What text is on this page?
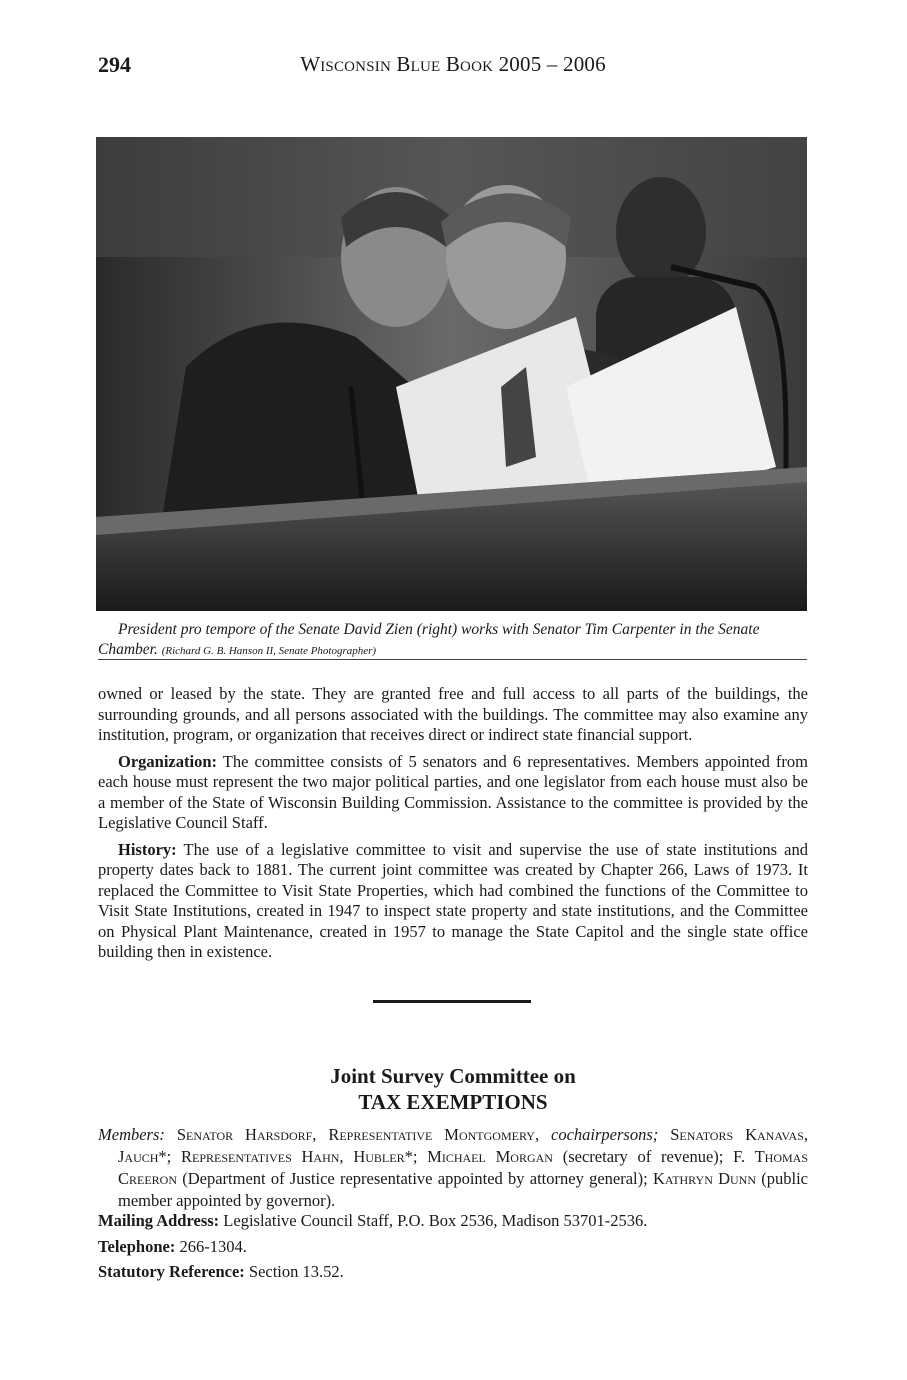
294	Wisconsin Blue Book 2005 – 2006
President pro tempore of the Senate David Zien (right) works with Senator Tim Carpenter in the Senate Chamber. (Richard G. B. Hanson II, Senate Photographer)

owned or leased by the state. They are granted free and full access to all parts of the buildings, the surrounding grounds, and all persons associated with the buildings. The committee may also examine any institution, program, or organization that receives direct or indirect state financial support.

Organization: The committee consists of 5 senators and 6 representatives. Members appointed from each house must represent the two major political parties, and one legislator from each house must also be a member of the State of Wisconsin Building Commission. Assistance to the committee is provided by the Legislative Council Staff.

History: The use of a legislative committee to visit and supervise the use of state institutions and property dates back to 1881. The current joint committee was created by Chapter 266, Laws of 1973. It replaced the Committee to Visit State Properties, which had combined the functions of the Committee to Visit State Institutions, created in 1947 to inspect state property and state institutions, and the Committee on Physical Plant Maintenance, created in 1957 to manage the State Capitol and the single state office building then in existence.

Joint Survey Committee on
TAX EXEMPTIONS
Members: Senator Harsdorf, Representative Montgomery, cochairpersons; Senators Kanavas, Jauch*; Representatives Hahn, Hubler*; Michael Morgan (secretary of revenue); F. Thomas Creeron (Department of Justice representative appointed by attorney general); Kathryn Dunn (public member appointed by governor).
Mailing Address: Legislative Council Staff, P.O. Box 2536, Madison 53701-2536.
Telephone: 266-1304.
Statutory Reference: Section 13.52.
